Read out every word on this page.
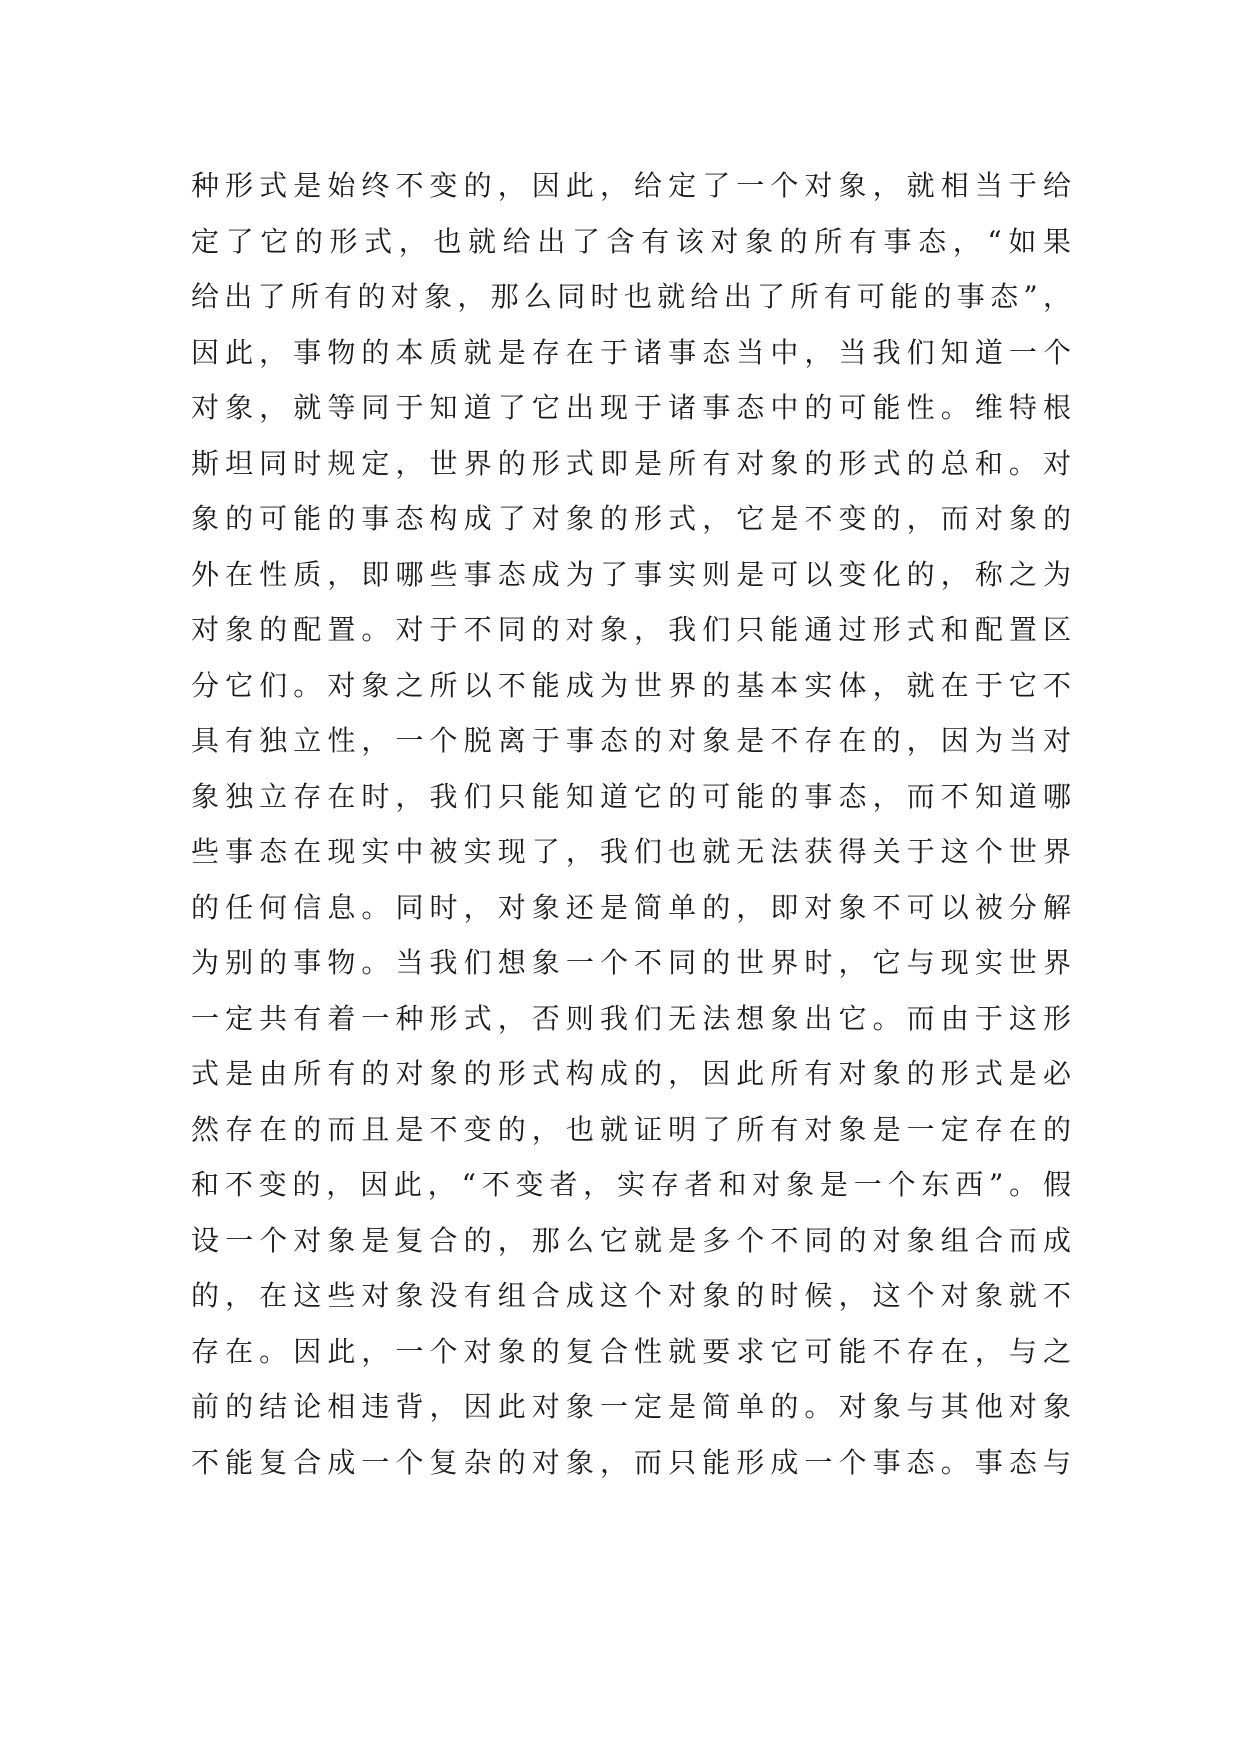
种形式是始终不变的，因此，给定了一个对象，就相当于给
定了它的形式，也就给出了含有该对象的所有事态，“如果
给出了所有的对象，那么同时也就给出了所有可能的事态”，
因此，事物的本质就是存在于诸事态当中，当我们知道一个
对象，就等同于知道了它出现于诸事态中的可能性。维特根
斯坦同时规定，世界的形式即是所有对象的形式的总和。对
象的可能的事态构成了对象的形式，它是不变的，而对象的
外在性质，即哪些事态成为了事实则是可以变化的，称之为
对象的配置。对于不同的对象，我们只能通过形式和配置区
分它们。对象之所以不能成为世界的基本实体，就在于它不
具有独立性，一个脱离于事态的对象是不存在的，因为当对
象独立存在时，我们只能知道它的可能的事态，而不知道哪
些事态在现实中被实现了，我们也就无法获得关于这个世界
的任何信息。同时，对象还是简单的，即对象不可以被分解
为别的事物。当我们想象一个不同的世界时，它与现实世界
一定共有着一种形式，否则我们无法想象出它。而由于这形
式是由所有的对象的形式构成的，因此所有对象的形式是必
然存在的而且是不变的，也就证明了所有对象是一定存在的
和不变的，因此，“不变者，实存者和对象是一个东西”。假
设一个对象是复合的，那么它就是多个不同的对象组合而成
的，在这些对象没有组合成这个对象的时候，这个对象就不
存在。因此，一个对象的复合性就要求它可能不存在，与之
前的结论相违背，因此对象一定是简单的。对象与其他对象
不能复合成一个复杂的对象，而只能形成一个事态。事态与
